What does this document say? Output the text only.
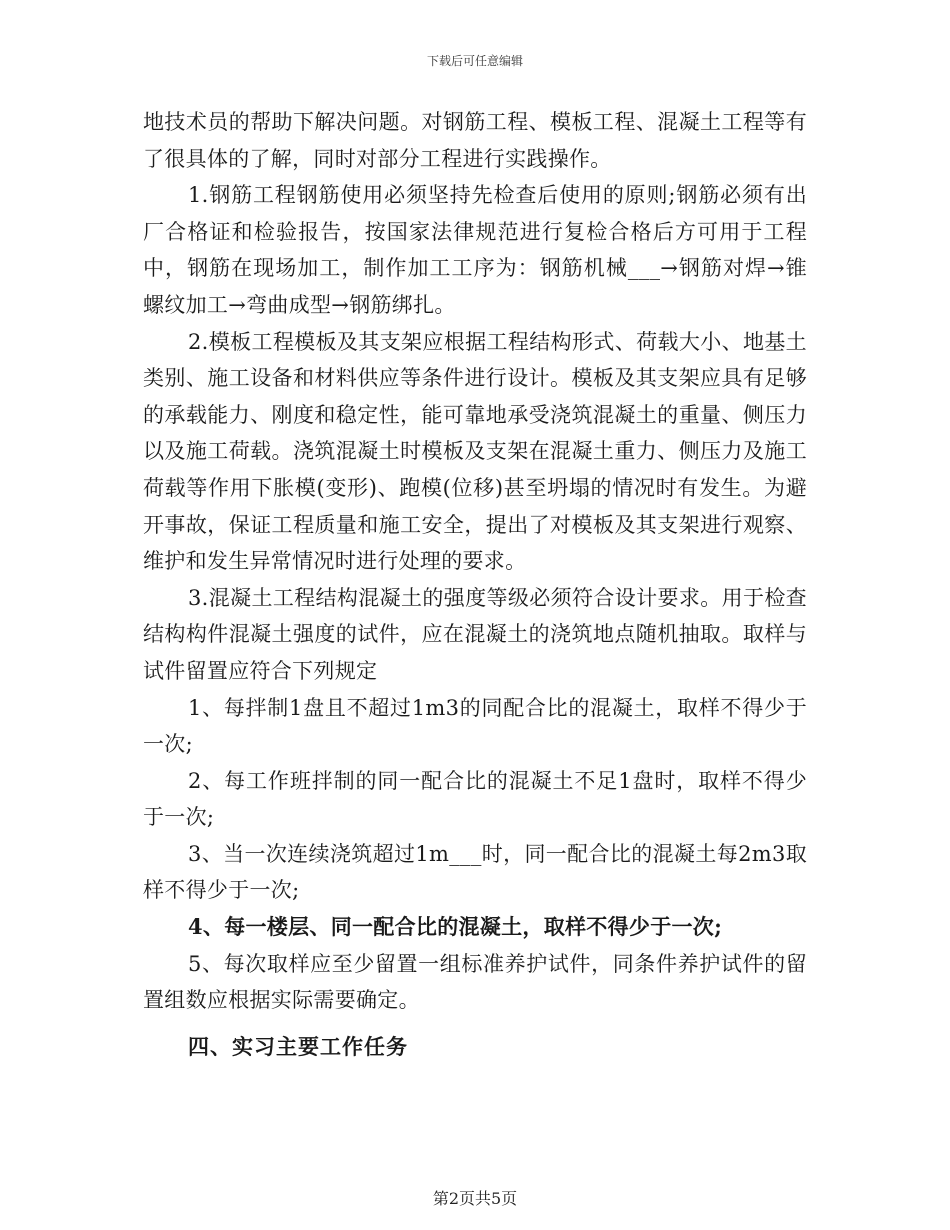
下载后可任意编辑

地技术员的帮助下解决问题。对钢筋工程、模板工程、混凝土工程等有了很具体的了解，同时对部分工程进行实践操作。

1.钢筋工程钢筋使用必须坚持先检查后使用的原则;钢筋必须有出厂合格证和检验报告，按国家法律规范进行复检合格后方可用于工程中，钢筋在现场加工，制作加工工序为：钢筋机械___→钢筋对焊→锥螺纹加工→弯曲成型→钢筋绑扎。

2.模板工程模板及其支架应根据工程结构形式、荷载大小、地基土类别、施工设备和材料供应等条件进行设计。模板及其支架应具有足够的承载能力、刚度和稳定性，能可靠地承受浇筑混凝土的重量、侧压力以及施工荷载。浇筑混凝土时模板及支架在混凝土重力、侧压力及施工荷载等作用下胀模(变形)、跑模(位移)甚至坍塌的情况时有发生。为避开事故，保证工程质量和施工安全，提出了对模板及其支架进行观察、维护和发生异常情况时进行处理的要求。

3.混凝土工程结构混凝土的强度等级必须符合设计要求。用于检查结构构件混凝土强度的试件，应在混凝土的浇筑地点随机抽取。取样与试件留置应符合下列规定

1、每拌制1盘且不超过1m3的同配合比的混凝土，取样不得少于一次;

2、每工作班拌制的同一配合比的混凝土不足1盘时，取样不得少于一次;

3、当一次连续浇筑超过1m___时，同一配合比的混凝土每2m3取样不得少于一次;

4、每一楼层、同一配合比的混凝土，取样不得少于一次;

5、每次取样应至少留置一组标准养护试件，同条件养护试件的留置组数应根据实际需要确定。

四、实习主要工作任务

第2页共5页
